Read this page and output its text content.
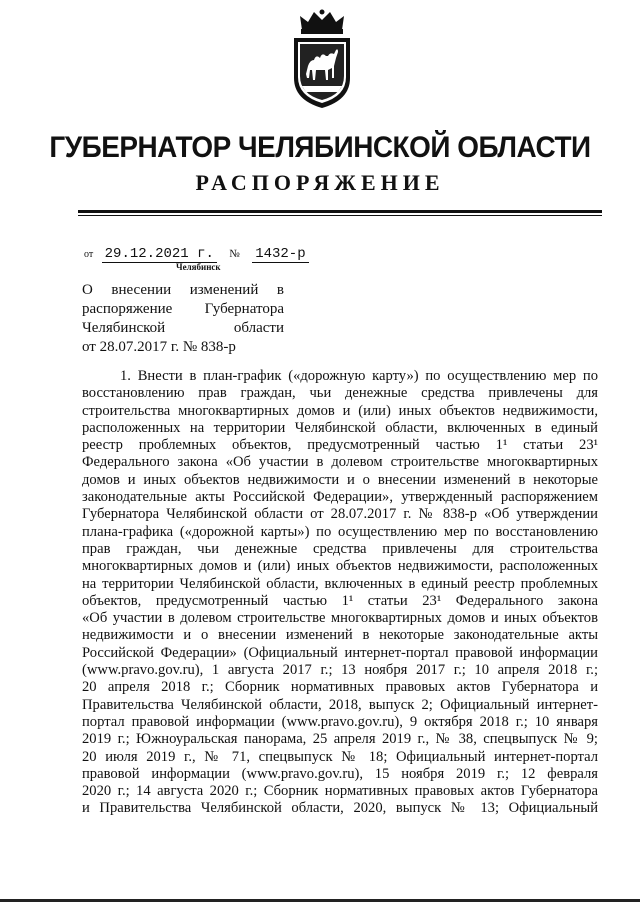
ГУБЕРНАТОР ЧЕЛЯБИНСКОЙ ОБЛАСТИ
РАСПОРЯЖЕНИЕ
от 29.12.2021 г. № 1432-р
Челябинск
О внесении изменений в
распоряжение Губернатора
Челябинской области
от 28.07.2017 г. № 838-р
1. Внести в план-график («дорожную карту») по осуществлению мер по
восстановлению прав граждан, чьи денежные средства привлечены для
строительства многоквартирных домов и (или) иных объектов недвижимости,
расположенных на территории Челябинской области, включенных в единый
реестр проблемных объектов, предусмотренный частью 1¹ статьи 23¹
Федерального закона «Об участии в долевом строительстве многоквартирных
домов и иных объектов недвижимости и о внесении изменений в некоторые
законодательные акты Российской Федерации», утвержденный распоряжением
Губернатора Челябинской области от 28.07.2017 г. № 838-р «Об утверждении
плана-графика («дорожной карты») по осуществлению мер по восстановлению
прав граждан, чьи денежные средства привлечены для строительства
многоквартирных домов и (или) иных объектов недвижимости, расположенных
на территории Челябинской области, включенных в единый реестр проблемных
объектов, предусмотренный частью 1¹ статьи 23¹ Федерального закона
«Об участии в долевом строительстве многоквартирных домов и иных объектов
недвижимости и о внесении изменений в некоторые законодательные акты
Российской Федерации» (Официальный интернет-портал правовой информации
(www.pravo.gov.ru), 1 августа 2017 г.; 13 ноября 2017 г.; 10 апреля 2018 г.;
20 апреля 2018 г.; Сборник нормативных правовых актов Губернатора и
Правительства Челябинской области, 2018, выпуск 2; Официальный интернет-
портал правовой информации (www.pravo.gov.ru), 9 октября 2018 г.; 10 января
2019 г.; Южноуральская панорама, 25 апреля 2019 г., № 38, спецвыпуск № 9;
20 июля 2019 г., № 71, спецвыпуск № 18; Официальный интернет-портал
правовой информации (www.pravo.gov.ru), 15 ноября 2019 г.; 12 февраля
2020 г.; 14 августа 2020 г.; Сборник нормативных правовых актов Губернатора
и Правительства Челябинской области, 2020, выпуск № 13; Официальный
